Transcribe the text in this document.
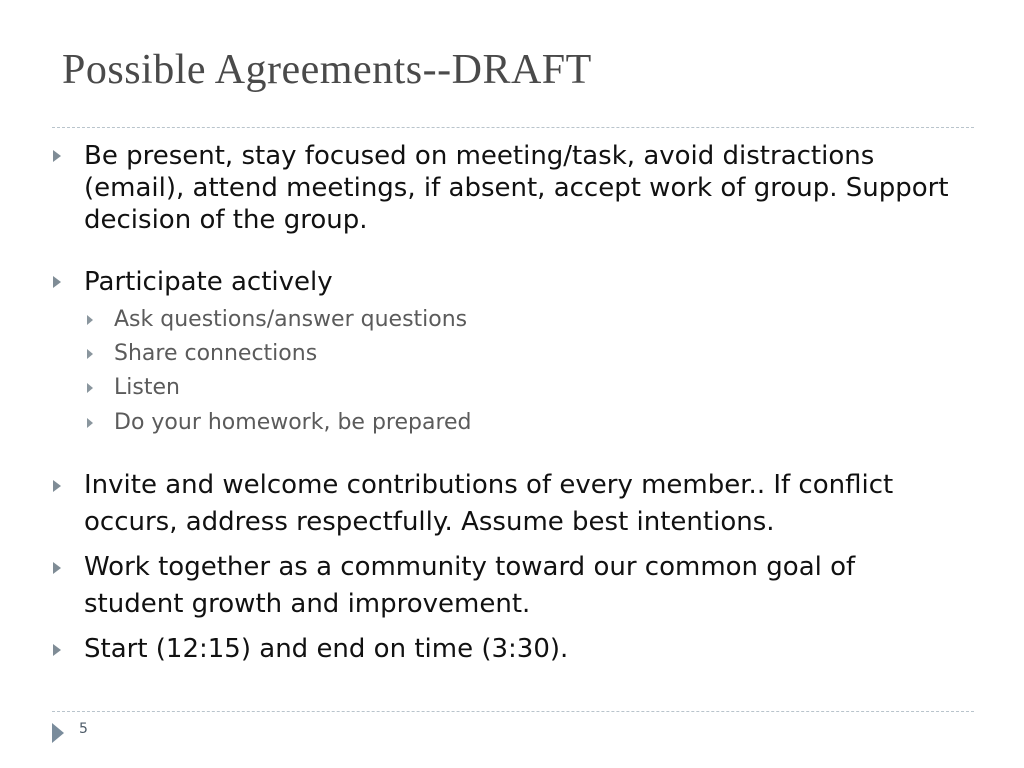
Possible Agreements--DRAFT
Be present, stay focused on meeting/task, avoid distractions (email), attend meetings, if absent, accept work of group. Support decision of the group.
Participate actively
Ask questions/answer questions
Share connections
Listen
Do your homework, be prepared
Invite and welcome contributions of every member.. If conflict occurs, address respectfully. Assume best intentions.
Work together as a community toward our common goal of student growth and improvement.
Start (12:15) and end on time (3:30).
5
